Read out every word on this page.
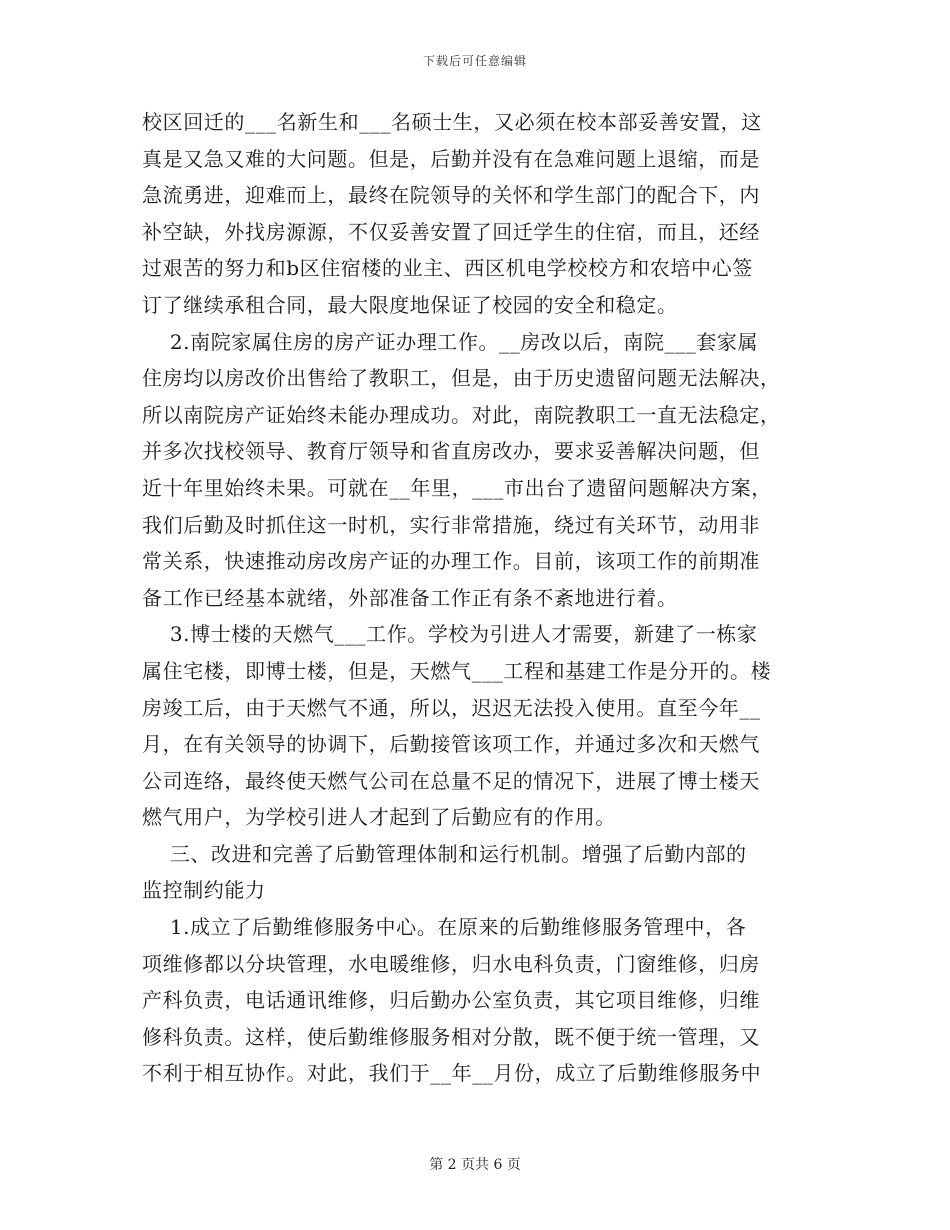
下载后可任意编辑
校区回迁的___名新生和___名硕士生，又必须在校本部妥善安置，这
真是又急又难的大问题。但是，后勤并没有在急难问题上退缩，而是
急流勇进，迎难而上，最终在院领导的关怀和学生部门的配合下，内
补空缺，外找房源源，不仅妥善安置了回迁学生的住宿，而且，还经
过艰苦的努力和b区住宿楼的业主、西区机电学校校方和农培中心签
订了继续承租合同，最大限度地保证了校园的安全和稳定。
2.南院家属住房的房产证办理工作。__房改以后，南院___套家属
住房均以房改价出售给了教职工，但是，由于历史遗留问题无法解决，
所以南院房产证始终未能办理成功。对此，南院教职工一直无法稳定，
并多次找校领导、教育厅领导和省直房改办，要求妥善解决问题，但
近十年里始终未果。可就在__年里，___市出台了遗留问题解决方案，
我们后勤及时抓住这一时机，实行非常措施，绕过有关环节，动用非
常关系，快速推动房改房产证的办理工作。目前，该项工作的前期准
备工作已经基本就绪，外部准备工作正有条不紊地进行着。
3.博士楼的天燃气___工作。学校为引进人才需要，新建了一栋家
属住宅楼，即博士楼，但是，天燃气___工程和基建工作是分开的。楼
房竣工后，由于天燃气不通，所以，迟迟无法投入使用。直至今年__
月，在有关领导的协调下，后勤接管该项工作，并通过多次和天燃气
公司连络，最终使天燃气公司在总量不足的情况下，进展了博士楼天
燃气用户，为学校引进人才起到了后勤应有的作用。
三、改进和完善了后勤管理体制和运行机制。增强了后勤内部的
监控制约能力
1.成立了后勤维修服务中心。在原来的后勤维修服务管理中，各
项维修都以分块管理，水电暖维修，归水电科负责，门窗维修，归房
产科负责，电话通讯维修，归后勤办公室负责，其它项目维修，归维
修科负责。这样，使后勤维修服务相对分散，既不便于统一管理，又
不利于相互协作。对此，我们于__年__月份，成立了后勤维修服务中
第 2 页共 6 页
